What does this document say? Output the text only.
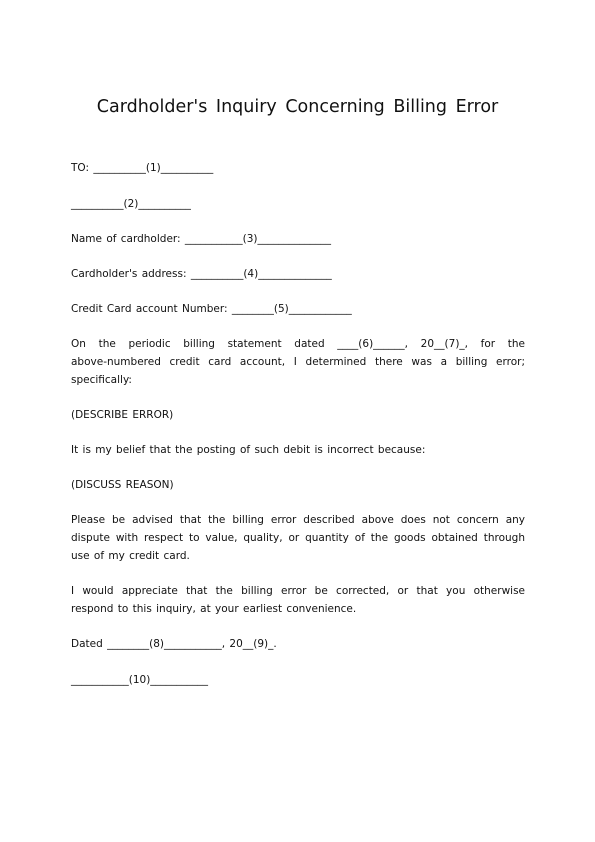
Cardholder's Inquiry Concerning Billing Error

TO: __________(1)__________

__________(2)__________

Name of cardholder: ___________(3)______________

Cardholder's address: __________(4)______________

Credit Card account Number: ________(5)____________

On the periodic billing statement dated ____(6)______, 20__(7)_, for the
above-numbered credit card account, I determined there was a billing error;
specifically:

(DESCRIBE ERROR)

It is my belief that the posting of such debit is incorrect because:

(DISCUSS REASON)

Please be advised that the billing error described above does not concern any
dispute with respect to value, quality, or quantity of the goods obtained through
use of my credit card.
I would appreciate that the billing error be corrected, or that you otherwise
respond to this inquiry, at your earliest convenience.

Dated ________(8)___________, 20__(9)_.

___________(10)___________
